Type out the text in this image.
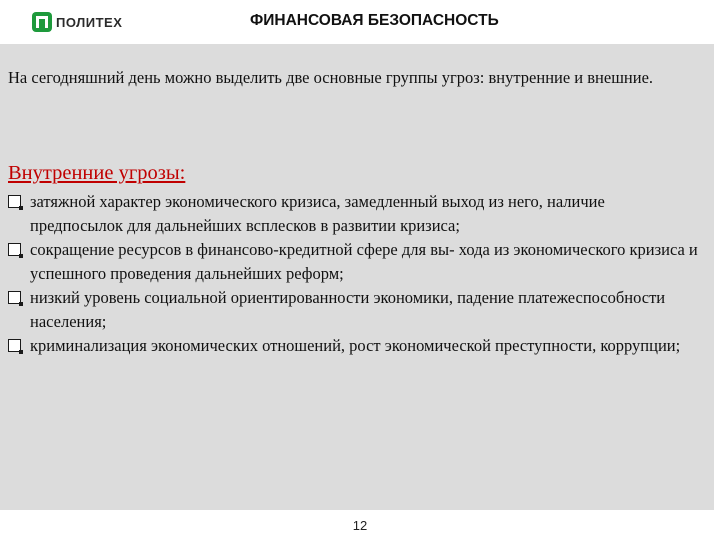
ПОЛИТЕХ	ФИНАНСОВАЯ БЕЗОПАСНОСТЬ

На сегодняшний день можно выделить две основные группы угроз: внутренние и внешние.

Внутренние угрозы:
затяжной характер экономического кризиса, замедленный выход из него, наличие предпосылок для дальнейших всплесков в развитии кризиса;
сокращение ресурсов в финансово-кредитной сфере для вы- хода из экономического кризиса и успешного проведения дальнейших реформ;
низкий уровень социальной ориентированности экономики, падение платежеспособности населения;
криминализация экономических отношений, рост экономической преступности, коррупции;
12
